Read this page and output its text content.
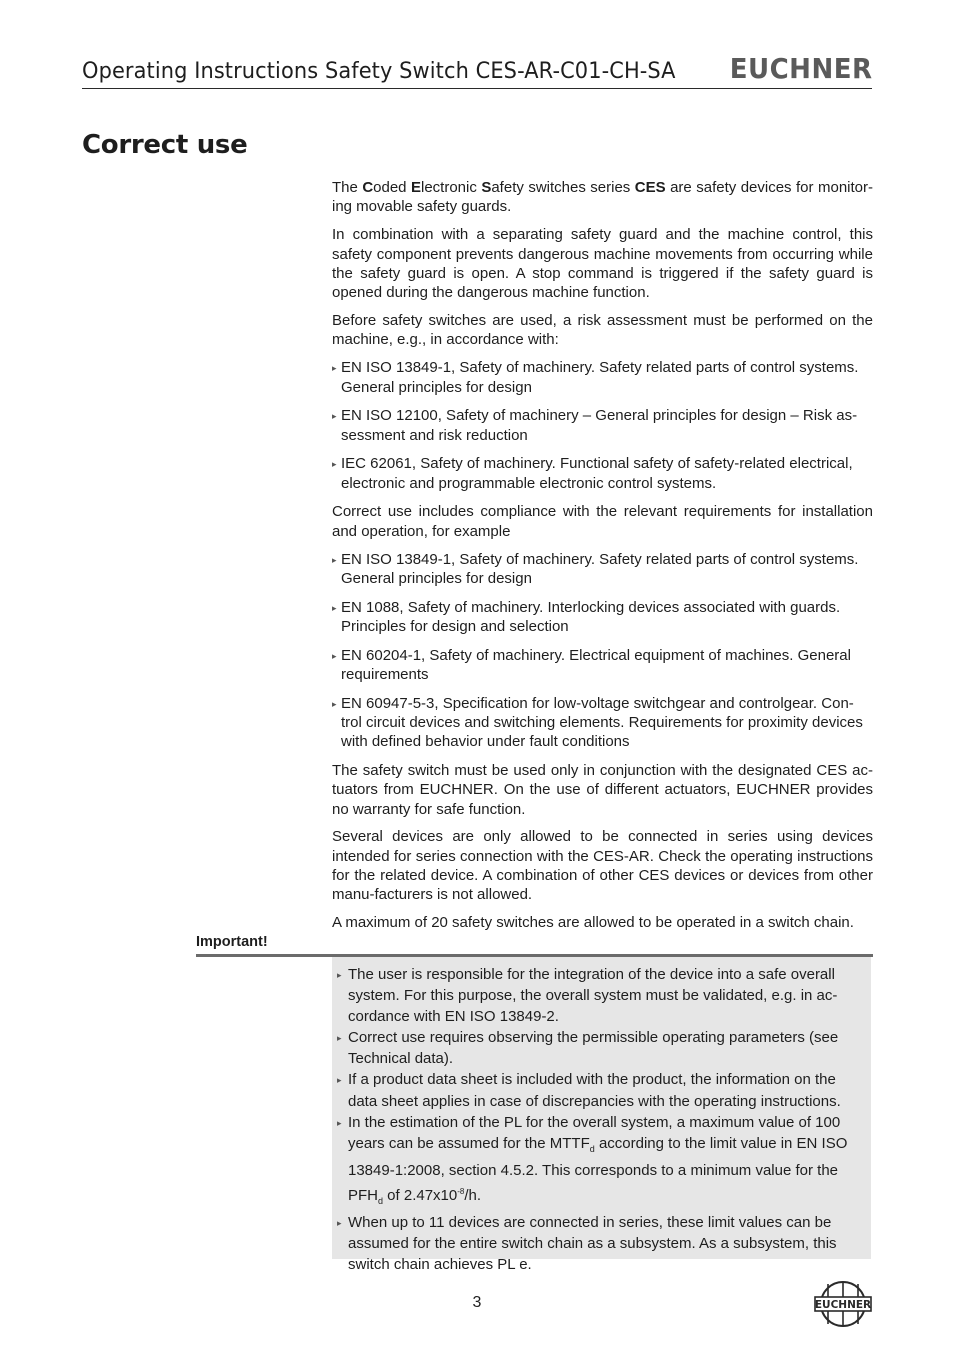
Operating Instructions Safety Switch CES-AR-C01-CH-SA EUCHNER
Correct use

The Coded Electronic Safety switches series CES are safety devices for monitor-ing movable safety guards.

In combination with a separating safety guard and the machine control, this safety component prevents dangerous machine movements from occurring while the safety guard is open. A stop command is triggered if the safety guard is opened during the dangerous machine function.

Before safety switches are used, a risk assessment must be performed on the machine, e.g., in accordance with:

▸ EN ISO 13849-1, Safety of machinery. Safety related parts of control systems. General principles for design
▸ EN ISO 12100, Safety of machinery – General principles for design – Risk as-sessment and risk reduction
▸ IEC 62061, Safety of machinery. Functional safety of safety-related electrical, electronic and programmable electronic control systems.

Correct use includes compliance with the relevant requirements for installation and operation, for example

▸ EN ISO 13849-1, Safety of machinery. Safety related parts of control systems. General principles for design
▸ EN 1088, Safety of machinery. Interlocking devices associated with guards. Principles for design and selection
▸ EN 60204-1, Safety of machinery. Electrical equipment of machines. General requirements
▸ EN 60947-5-3, Specification for low-voltage switchgear and controlgear. Con-trol circuit devices and switching elements. Requirements for proximity devices with defined behavior under fault conditions

The safety switch must be used only in conjunction with the designated CES ac-tuators from EUCHNER. On the use of different actuators, EUCHNER provides no warranty for safe function.

Several devices are only allowed to be connected in series using devices intended for series connection with the CES-AR. Check the operating instructions for the related device. A combination of other CES devices or devices from other manu-facturers is not allowed.

A maximum of 20 safety switches are allowed to be operated in a switch chain.

Important!
▸ The user is responsible for the integration of the device into a safe overall system. For this purpose, the overall system must be validated, e.g. in ac-cordance with EN ISO 13849-2.
▸ Correct use requires observing the permissible operating parameters (see Technical data).
▸ If a product data sheet is included with the product, the information on the data sheet applies in case of discrepancies with the operating instructions.
▸ In the estimation of the PL for the overall system, a maximum value of 100 years can be assumed for the $MTTF_d$ according to the limit value in EN ISO 13849-1:2008, section 4.5.2. This corresponds to a minimum value for the $PFH_d$ of $2.47x10^{-8}/h$.
▸ When up to 11 devices are connected in series, these limit values can be assumed for the entire switch chain as a subsystem. As a subsystem, this switch chain achieves PL e.
3	EUCHNER
